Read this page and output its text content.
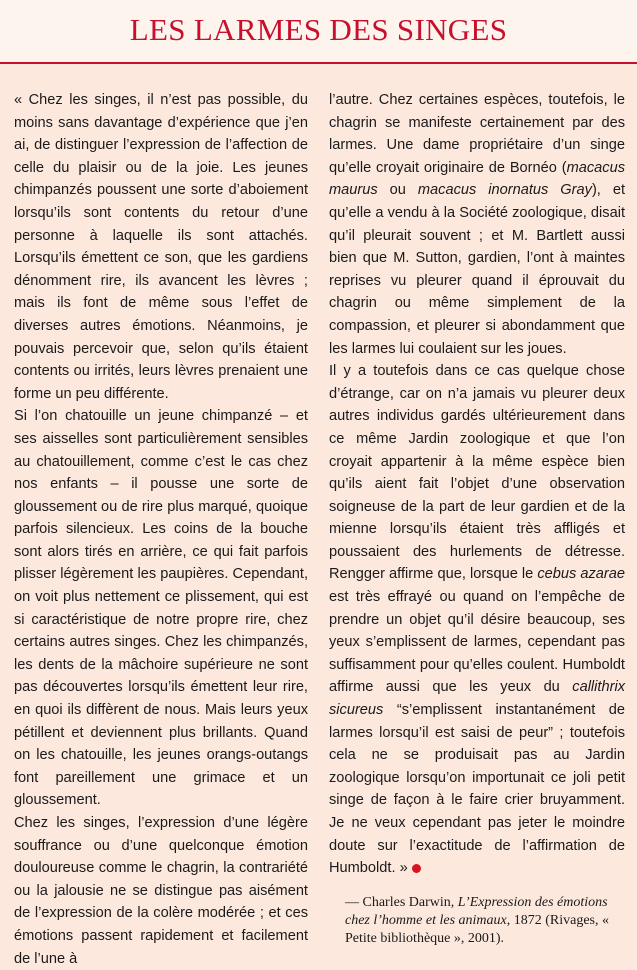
LES LARMES DES SINGES

« Chez les singes, il n’est pas possible, du moins sans davantage d’expérience que j’en ai, de distinguer l’expression de l’affection de celle du plaisir ou de la joie. Les jeunes chimpanzés poussent une sorte d’aboiement lorsqu’ils sont contents du retour d’une personne à laquelle ils sont attachés. Lorsqu’ils émettent ce son, que les gardiens dénomment rire, ils avancent les lèvres ; mais ils font de même sous l’effet de diverses autres émotions. Néanmoins, je pouvais percevoir que, selon qu’ils étaient contents ou irrités, leurs lèvres prenaient une forme un peu différente.

Si l’on chatouille un jeune chimpanzé – et ses aisselles sont particulièrement sensibles au chatouillement, comme c’est le cas chez nos enfants – il pousse une sorte de gloussement ou de rire plus marqué, quoique parfois silencieux. Les coins de la bouche sont alors tirés en arrière, ce qui fait parfois plisser légèrement les paupières. Cependant, on voit plus nettement ce plissement, qui est si caractéristique de notre propre rire, chez certains autres singes. Chez les chimpanzés, les dents de la mâchoire supérieure ne sont pas découvertes lorsqu’ils émettent leur rire, en quoi ils diffèrent de nous. Mais leurs yeux pétillent et deviennent plus brillants. Quand on les chatouille, les jeunes orangs-outangs font pareillement une grimace et un gloussement.

Chez les singes, l’expression d’une légère souffrance ou d’une quelconque émotion douloureuse comme le chagrin, la contrariété ou la jalousie ne se distingue pas aisément de l’expression de la colère modérée ; et ces émotions passent rapidement et facilement de l’une à

l’autre. Chez certaines espèces, toutefois, le chagrin se manifeste certainement par des larmes. Une dame propriétaire d’un singe qu’elle croyait originaire de Bornéo (macacus maurus ou macacus inornatus Gray), et qu’elle a vendu à la Société zoologique, disait qu’il pleurait souvent ; et M. Bartlett aussi bien que M. Sutton, gardien, l’ont à maintes reprises vu pleurer quand il éprouvait du chagrin ou même simplement de la compassion, et pleurer si abondamment que les larmes lui coulaient sur les joues.

Il y a toutefois dans ce cas quelque chose d’étrange, car on n’a jamais vu pleurer deux autres individus gardés ultérieurement dans ce même Jardin zoologique et que l’on croyait appartenir à la même espèce bien qu’ils aient fait l’objet d’une observation soigneuse de la part de leur gardien et de la mienne lorsqu’ils étaient très affligés et poussaient des hurlements de détresse. Rengger affirme que, lorsque le cebus azarae est très effrayé ou quand on l’empêche de prendre un objet qu’il désire beaucoup, ses yeux s’emplissent de larmes, cependant pas suffisamment pour qu’elles coulent. Humboldt affirme aussi que les yeux du callithrix sicureus “s’emplissent instantanément de larmes lorsqu’il est saisi de peur” ; toutefois cela ne se produisait pas au Jardin zoologique lorsqu’on importunait ce joli petit singe de façon à le faire crier bruyamment. Je ne veux cependant pas jeter le moindre doute sur l’exactitude de l’affirmation de Humboldt. »

— Charles Darwin, L’Expression des émotions chez l’homme et les animaux, 1872 (Rivages, « Petite bibliothèque », 2001).
